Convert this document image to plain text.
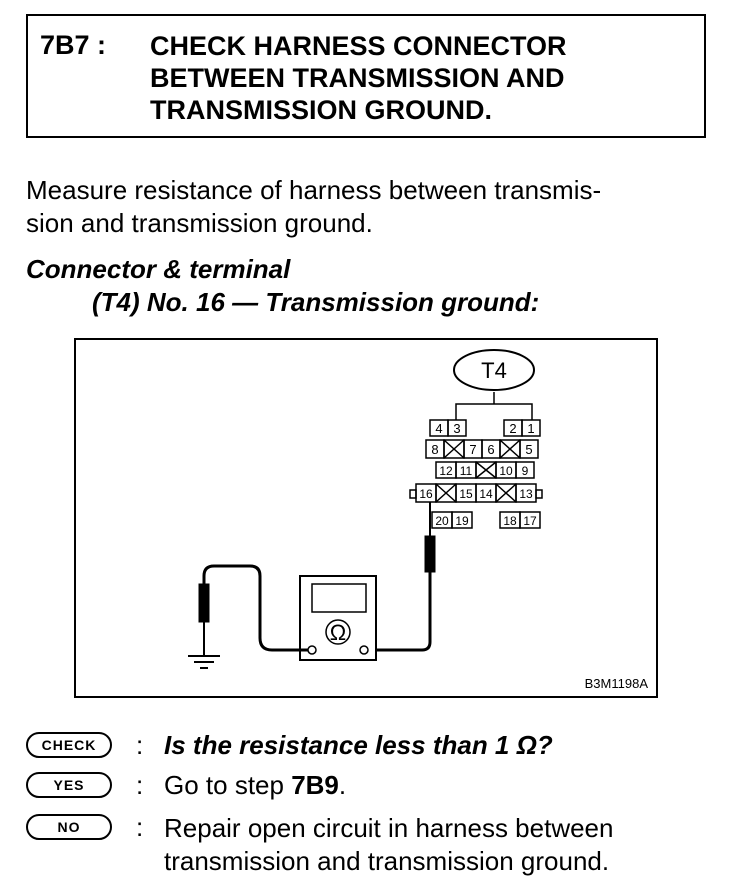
7B7 : CHECK HARNESS CONNECTOR
BETWEEN TRANSMISSION AND
TRANSMISSION GROUND.
Measure resistance of harness between transmis-
sion and transmission ground.
Connector & terminal
(T4) No. 16 — Transmission ground:
T4
4 3	2 1
8 7 6 5
12 11 10 9
16 15 14 13
20 19	18 17
Ω
B3M1198A
CHECK	: Is the resistance less than 1 Ω?
YES	: Go to step 7B9.
NO	: Repair open circuit in harness between
transmission and transmission ground.
